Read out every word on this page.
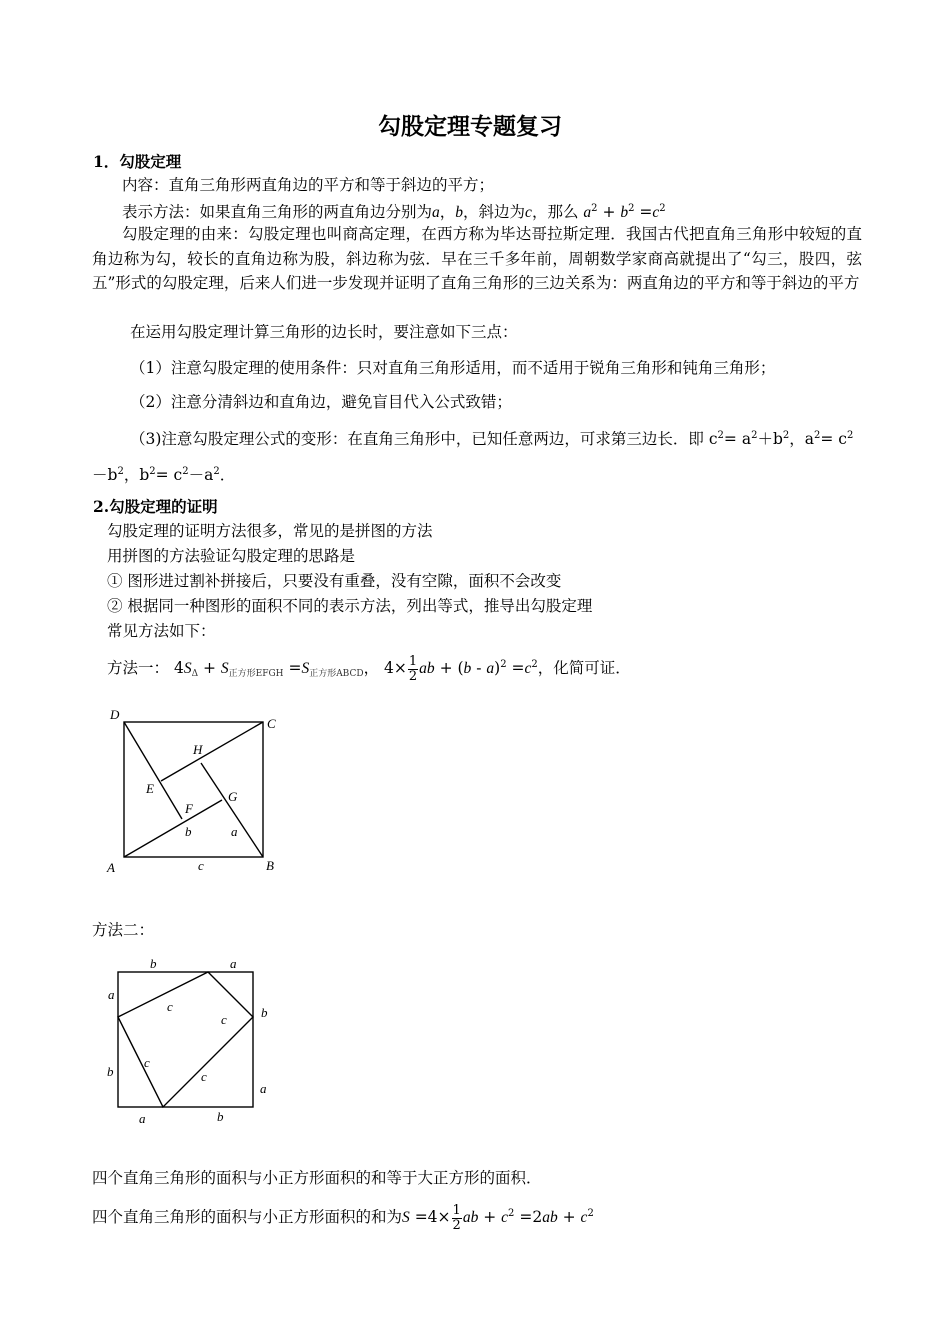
勾股定理专题复习
1．勾股定理
内容：直角三角形两直角边的平方和等于斜边的平方；
表示方法：如果直角三角形的两直角边分别为a，b，斜边为c，那么 $a^2 + b^2 =c^2$
勾股定理的由来：勾股定理也叫商高定理，在西方称为毕达哥拉斯定理．我国古代把直角三角形中较短的直角边称为勾，较长的直角边称为股，斜边称为弦．早在三千多年前，周朝数学家商高就提出了“勾三，股四，弦五”形式的勾股定理，后来人们进一步发现并证明了直角三角形的三边关系为：两直角边的平方和等于斜边的平方
在运用勾股定理计算三角形的边长时，要注意如下三点：
（1）注意勾股定理的使用条件：只对直角三角形适用，而不适用于锐角三角形和钝角三角形；
（2）注意分清斜边和直角边，避免盲目代入公式致错；
（3)注意勾股定理公式的变形：在直角三角形中，已知任意两边，可求第三边长．即 $c^2= a^2+b^2$，$a^2= c^2$
$-b^2$，$b^2= c^2-a^2$．
2.勾股定理的证明
勾股定理的证明方法很多，常见的是拼图的方法
用拼图的方法验证勾股定理的思路是
① 图形进过割补拼接后，只要没有重叠，没有空隙，面积不会改变
② 根据同一种图形的面积不同的表示方法，列出等式，推导出勾股定理
常见方法如下：
方法一： $4S_\Delta + S_{正方形EFGH} =S_{正方形ABCD}$， $4\times \frac{1}{2}$ ab + $(b - a)^2 =c^2$，化简可证．
D
C
H
E
F
G
b	a
A	c	B
方法二：
b	a
a
c	b
c
c
b	c
a
a	b
四个直角三角形的面积与小正方形面积的和等于大正方形的面积．
四个直角三角形的面积与小正方形面积的和为$S =4\times \frac{1}{2}$ ab + $c^2 =2ab + c^2$
